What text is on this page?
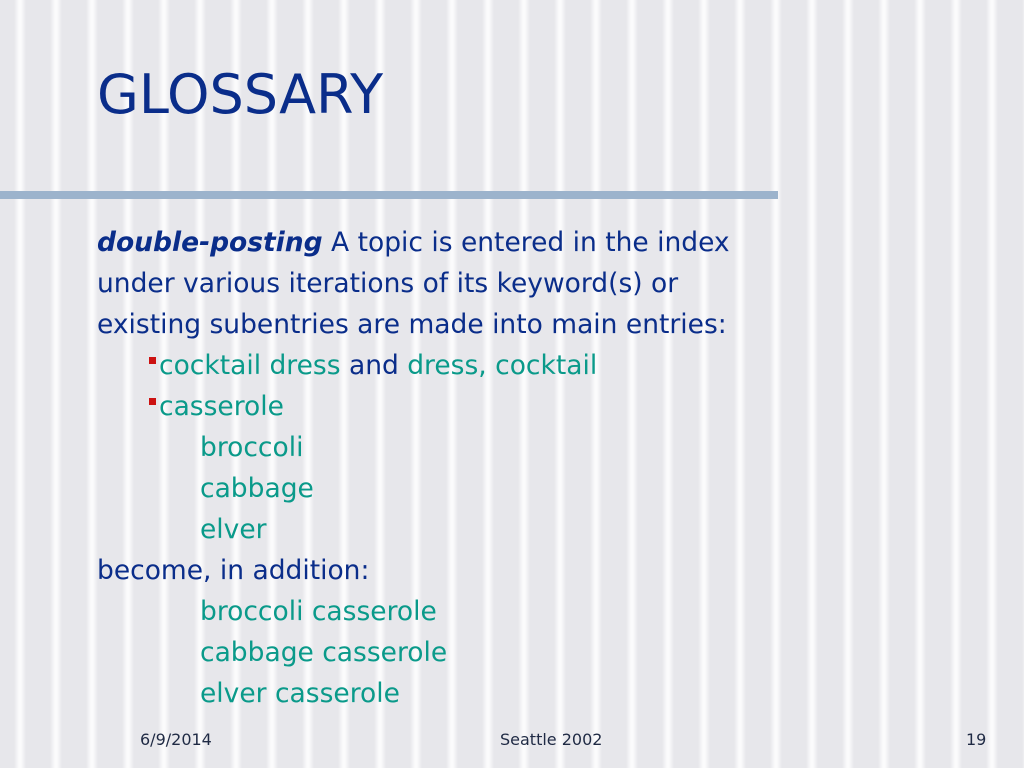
GLOSSARY
double-posting A topic is entered in the index
under various iterations of its keyword(s) or
existing subentries are made into main entries:
cocktail dress and dress, cocktail
casserole
broccoli
cabbage
elver
become, in addition:
broccoli casserole
cabbage casserole
elver casserole
6/9/2014	Seattle 2002	19
